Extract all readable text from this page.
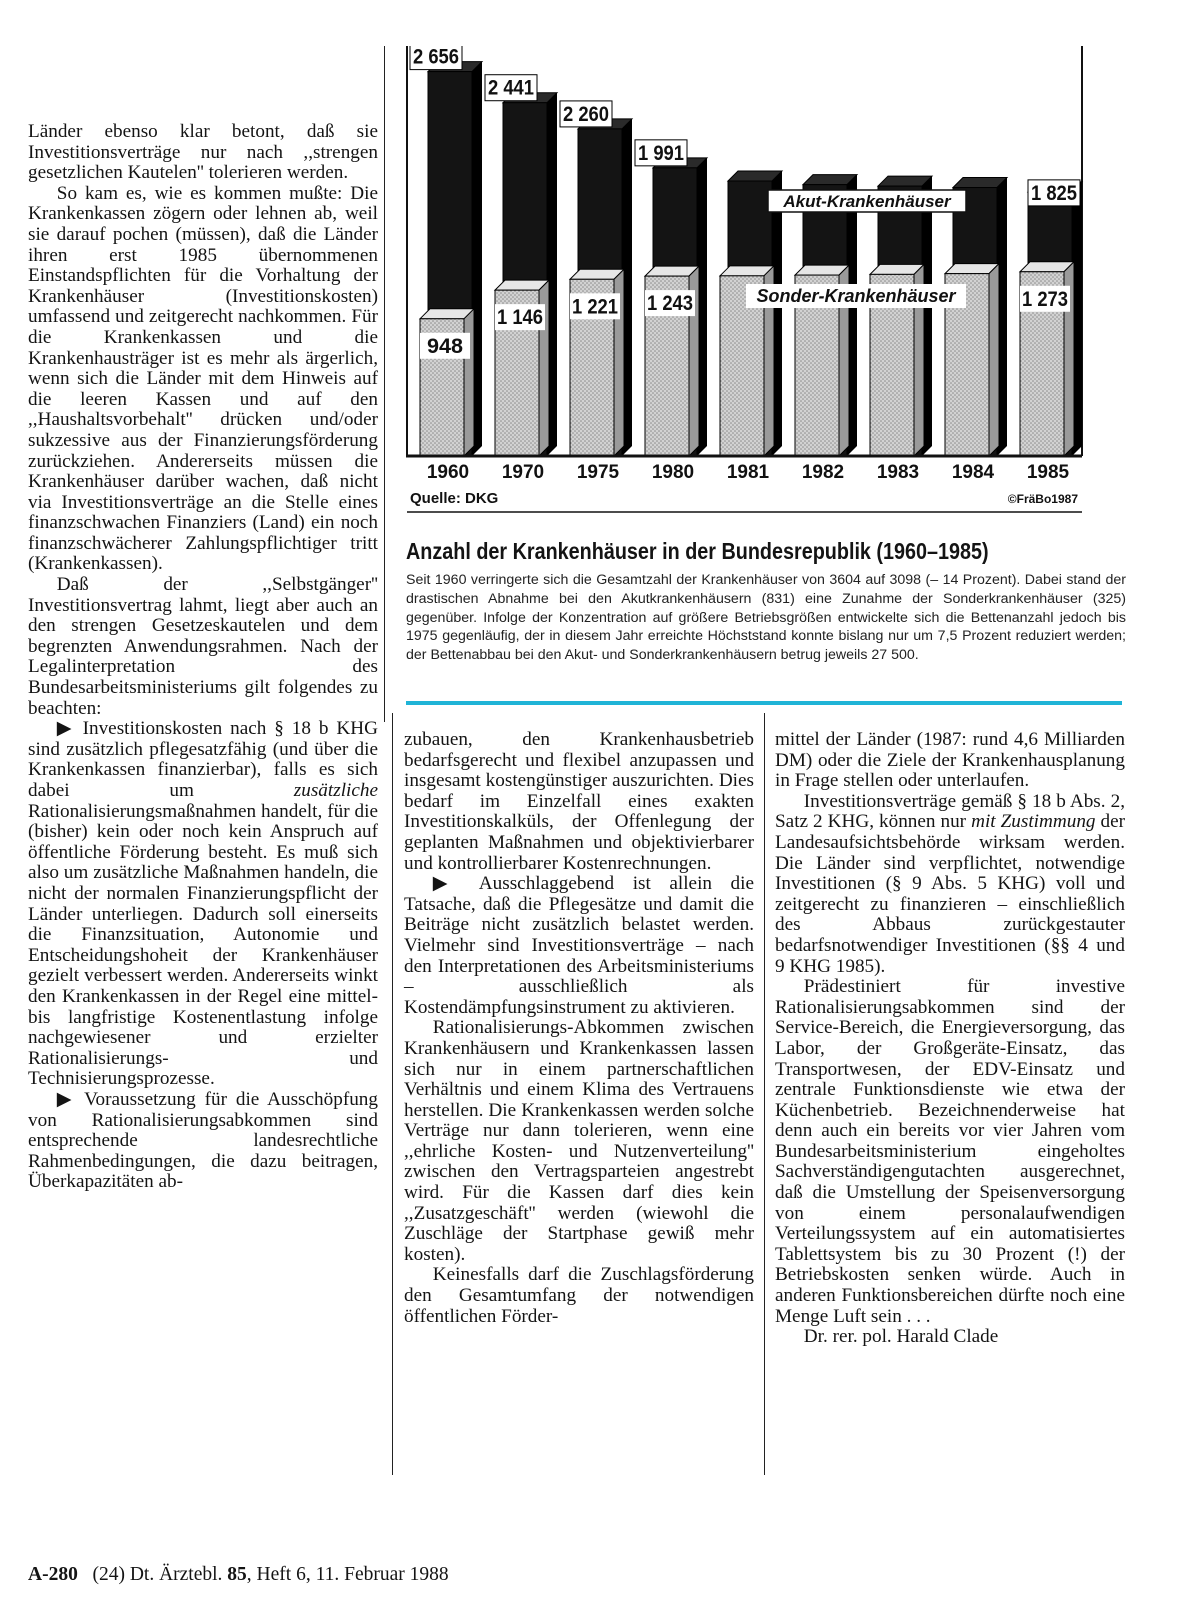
Länder ebenso klar betont, daß sie Investitionsverträge nur nach ,,strengen gesetzlichen Kautelen'' tolerieren werden.

So kam es, wie es kommen mußte: Die Krankenkassen zögern oder lehnen ab, weil sie darauf pochen (müssen), daß die Länder ihren erst 1985 übernommenen Einstandspflichten für die Vorhaltung der Krankenhäuser (Investitionskosten) umfassend und zeitgerecht nachkommen. Für die Krankenkassen und die Krankenhausträger ist es mehr als ärgerlich, wenn sich die Länder mit dem Hinweis auf die leeren Kassen und auf den ,,Haushaltsvorbehalt'' drücken und/oder sukzessive aus der Finanzierungsförderung zurückziehen. Andererseits müssen die Krankenhäuser darüber wachen, daß nicht via Investitionsverträge an die Stelle eines finanzschwachen Finanziers (Land) ein noch finanzschwächerer Zahlungspflichtiger tritt (Krankenkassen).

Daß der ,,Selbstgänger'' Investitionsvertrag lahmt, liegt aber auch an den strengen Gesetzeskautelen und dem begrenzten Anwendungsrahmen. Nach der Legalinterpretation des Bundesarbeitsministeriums gilt folgendes zu beachten:

▶ Investitionskosten nach § 18 b KHG sind zusätzlich pflegesatzfähig (und über die Krankenkassen finanzierbar), falls es sich dabei um	zusätzliche Rationalisierungsmaßnahmen handelt, für die (bisher) kein oder noch kein Anspruch auf öffentliche Förderung besteht. Es muß sich also um zusätzliche Maßnahmen handeln, die nicht der normalen Finanzierungspflicht der Länder unterliegen. Dadurch soll einerseits die Finanzsituation, Autonomie und Entscheidungshoheit der Krankenhäuser gezielt verbessert werden. Andererseits winkt den Krankenkassen in der Regel eine mittel- bis langfristige Kostenentlastung infolge nachgewiesener und erzielter Rationalisierungs- und Technisierungsprozesse.

▶ Voraussetzung für die Ausschöpfung von Rationalisierungsabkommen sind entsprechende landesrechtliche Rahmenbedingungen, die dazu beitragen, Überkapazitäten ab-

2 656
948
2 441
1 146
2 260
1 221
1 991
1 243
1 825
1 273
1960 1970 1975 1980 1981 1982 1983 1984 1985
Akut-Krankenhäuser
Sonder-Krankenhäuser
Quelle: DKG	©FräBo1987
Anzahl der Krankenhäuser in der Bundesrepublik (1960–1985)
Seit 1960 verringerte sich die Gesamtzahl der Krankenhäuser von 3604 auf 3098 (– 14 Prozent). Dabei stand der drastischen Abnahme bei den Akutkrankenhäusern (831) eine Zunahme der Sonderkrankenhäuser (325) gegenüber. Infolge der Konzentration auf größere Betriebsgrößen entwickelte sich die Bettenanzahl jedoch bis 1975 gegenläufig, der in diesem Jahr erreichte Höchststand konnte bislang nur um 7,5 Prozent reduziert werden; der Bettenabbau bei den Akut- und Sonderkrankenhäusern betrug jeweils 27 500.

zubauen, den Krankenhausbetrieb bedarfsgerecht und flexibel anzupassen und insgesamt kostengünstiger auszurichten. Dies bedarf im Einzelfall eines exakten Investitionskalküls, der Offenlegung der geplanten Maßnahmen und objektivierbarer und kontrollierbarer Kostenrechnungen.

▶ Ausschlaggebend ist allein die Tatsache, daß die Pflegesätze und damit die Beiträge nicht zusätzlich belastet werden. Vielmehr sind Investitionsverträge – nach den Interpretationen des Arbeitsministeriums – ausschließlich als Kostendämpfungsinstrument zu aktivieren.

Rationalisierungs-Abkommen zwischen Krankenhäusern und Krankenkassen lassen sich nur in einem partnerschaftlichen Verhältnis und einem Klima des Vertrauens herstellen. Die Krankenkassen werden solche Verträge nur dann tolerieren, wenn eine ,,ehrliche Kosten- und Nutzenverteilung'' zwischen den Vertragsparteien angestrebt wird. Für die Kassen darf dies kein ,,Zusatzgeschäft'' werden (wiewohl die Zuschläge der Startphase gewiß mehr kosten).

Keinesfalls darf die Zuschlagsförderung den Gesamtumfang der notwendigen öffentlichen Förder-

mittel der Länder (1987: rund 4,6 Milliarden DM) oder die Ziele der Krankenhausplanung in Frage stellen oder unterlaufen.

Investitionsverträge gemäß § 18 b Abs. 2, Satz 2 KHG, können nur mit Zustimmung der Landesaufsichtsbehörde wirksam werden. Die Länder sind verpflichtet, notwendige Investitionen (§ 9 Abs. 5 KHG) voll und zeitgerecht zu finanzieren – einschließlich des Abbaus zurückgestauter bedarfsnotwendiger Investitionen (§§ 4 und 9 KHG 1985).

Prädestiniert für investive Rationalisierungsabkommen sind der Service-Bereich, die Energieversorgung, das Labor, der Großgeräte-Einsatz, das Transportwesen, der EDV-Einsatz und zentrale Funktionsdienste wie etwa der Küchenbetrieb. Bezeichnenderweise hat denn auch ein bereits vor vier Jahren vom Bundesarbeitsministerium eingeholtes Sachverständigengutachten ausgerechnet, daß die Umstellung der Speisenversorgung von einem personalaufwendigen Verteilungssystem auf ein automatisiertes Tablettsystem bis zu 30 Prozent (!) der Betriebskosten senken würde. Auch in anderen Funktionsbereichen dürfte noch eine Menge Luft sein . . .

Dr. rer. pol. Harald Clade

A-280 (24) Dt. Ärztebl. 85, Heft 6, 11. Februar 1988
